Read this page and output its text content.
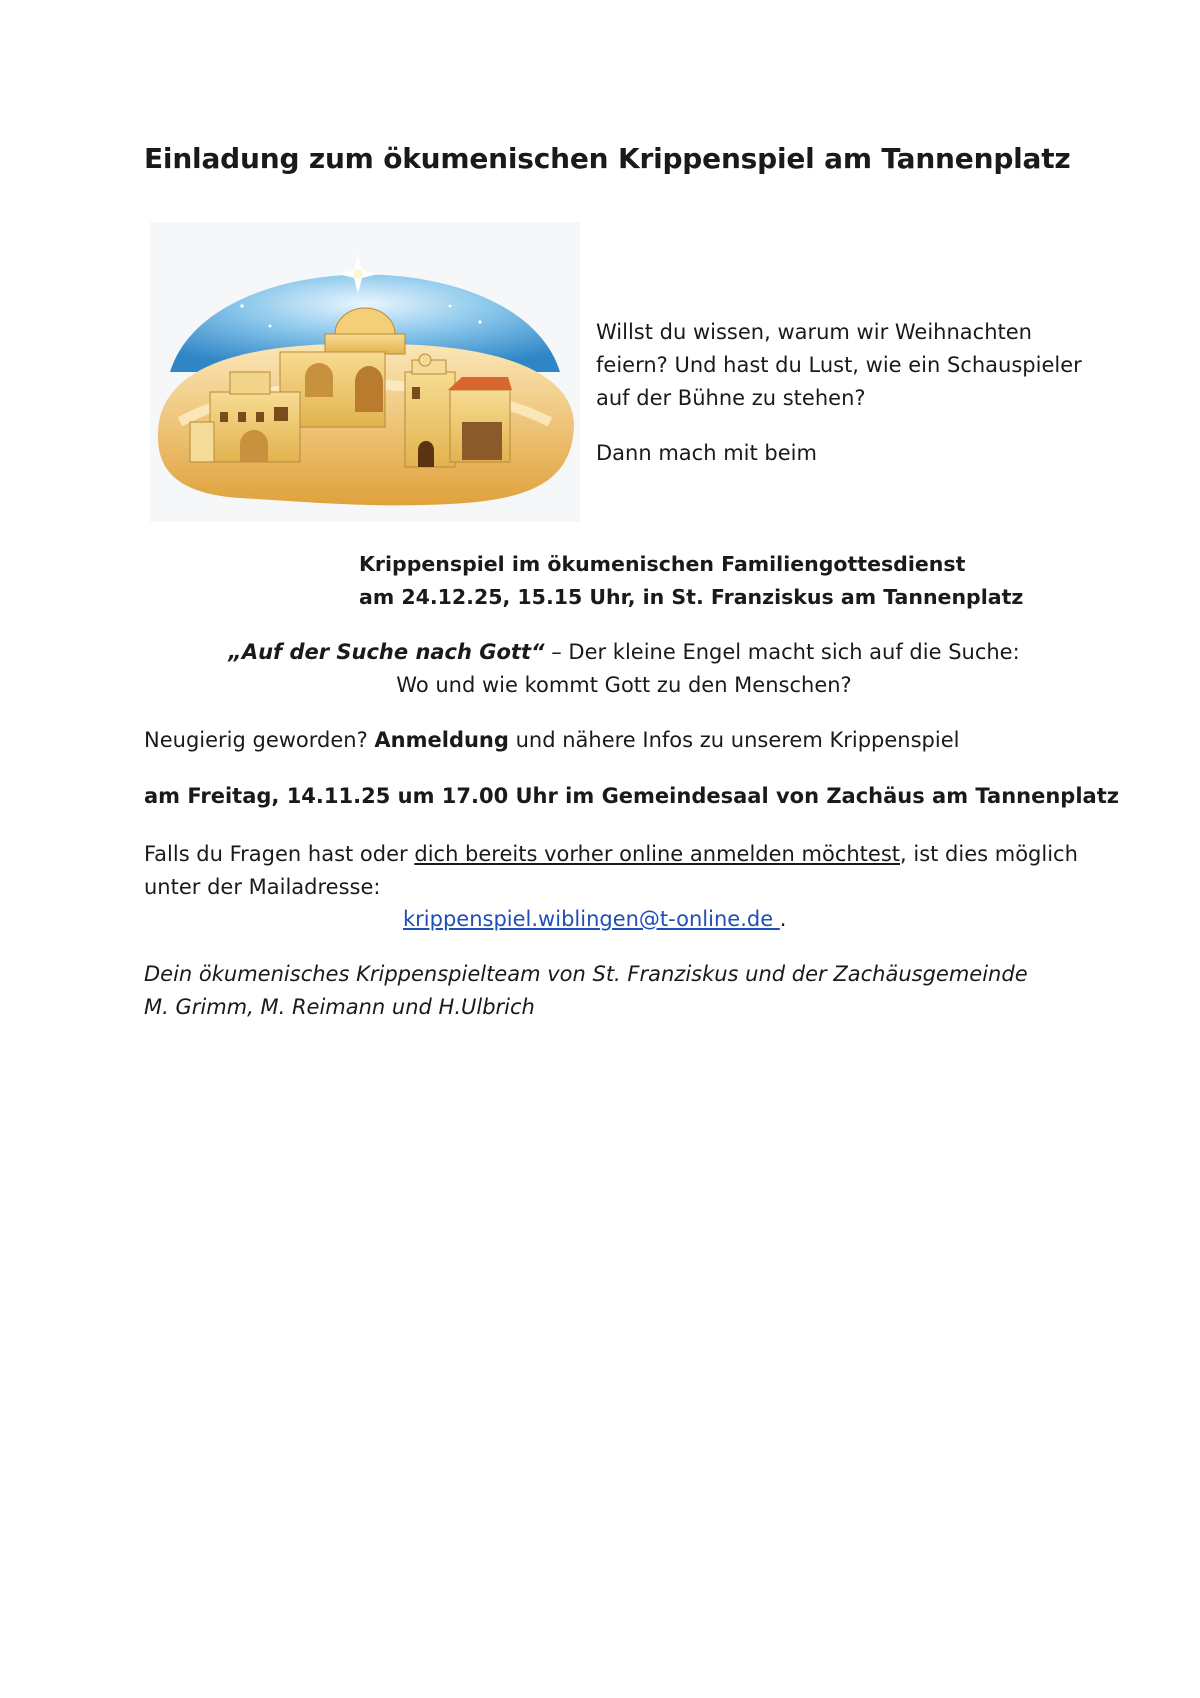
Einladung zum ökumenischen Krippenspiel am Tannenplatz

Willst du wissen, warum wir Weihnachten feiern? Und hast du Lust, wie ein Schauspieler auf der Bühne zu stehen?

Dann mach mit beim

Krippenspiel im ökumenischen Familiengottesdienst
am 24.12.25, 15.15 Uhr, in St. Franziskus am Tannenplatz
„Auf der Suche nach Gott“ – Der kleine Engel macht sich auf die Suche:
Wo und wie kommt Gott zu den Menschen?
Neugierig geworden? Anmeldung und nähere Infos zu unserem Krippenspiel
am Freitag, 14.11.25 um 17.00 Uhr im Gemeindesaal von Zachäus am Tannenplatz
Falls du Fragen hast oder dich bereits vorher online anmelden möchtest, ist dies möglich unter der Mailadresse:
krippenspiel.wiblingen@t-online.de .
Dein ökumenisches Krippenspielteam von St. Franziskus und der Zachäusgemeinde
M. Grimm, M. Reimann und H.Ulbrich
